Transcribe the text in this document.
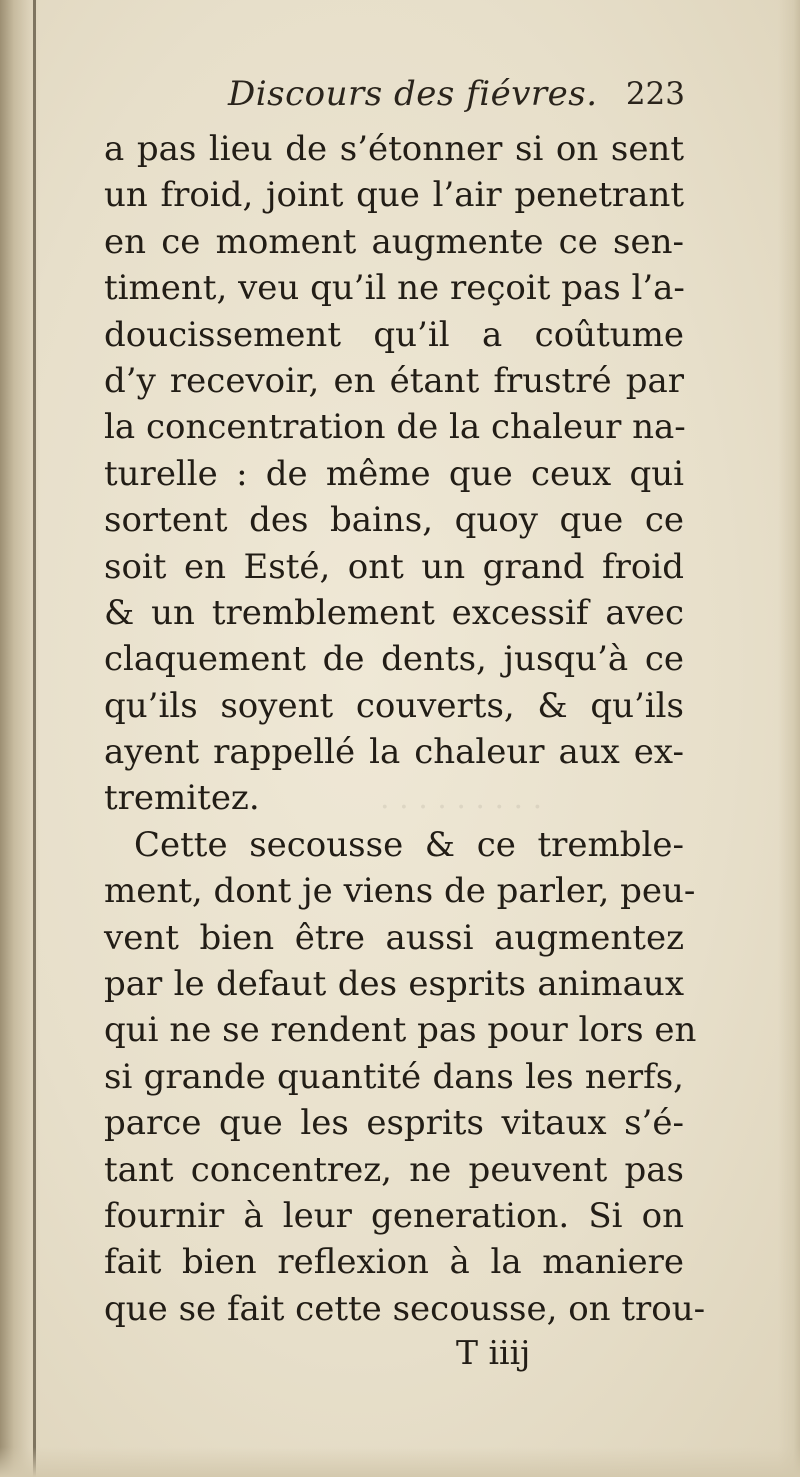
· · · · · · · · ·
Discours des fiévres. 223
a pas lieu de s’étonner si on sent
un froid, joint que l’air penetrant
en ce moment augmente ce sen-
timent, veu qu’il ne reçoit pas l’a-
doucissement qu’il a coûtume
d’y recevoir, en étant frustré par
la concentration de la chaleur na-
turelle : de même que ceux qui
sortent des bains, quoy que ce
soit en Esté, ont un grand froid
& un tremblement excessif avec
claquement de dents, jusqu’à ce
qu’ils soyent couverts, & qu’ils
ayent rappellé la chaleur aux ex-
tremitez.
Cette secousse & ce tremble-
ment, dont je viens de parler, peu-
vent bien être aussi augmentez
par le defaut des esprits animaux
qui ne se rendent pas pour lors en
si grande quantité dans les nerfs,
parce que les esprits vitaux s’é-
tant concentrez, ne peuvent pas
fournir à leur generation. Si on
fait bien reflexion à la maniere
que se fait cette secousse, on trou-
T iiij
